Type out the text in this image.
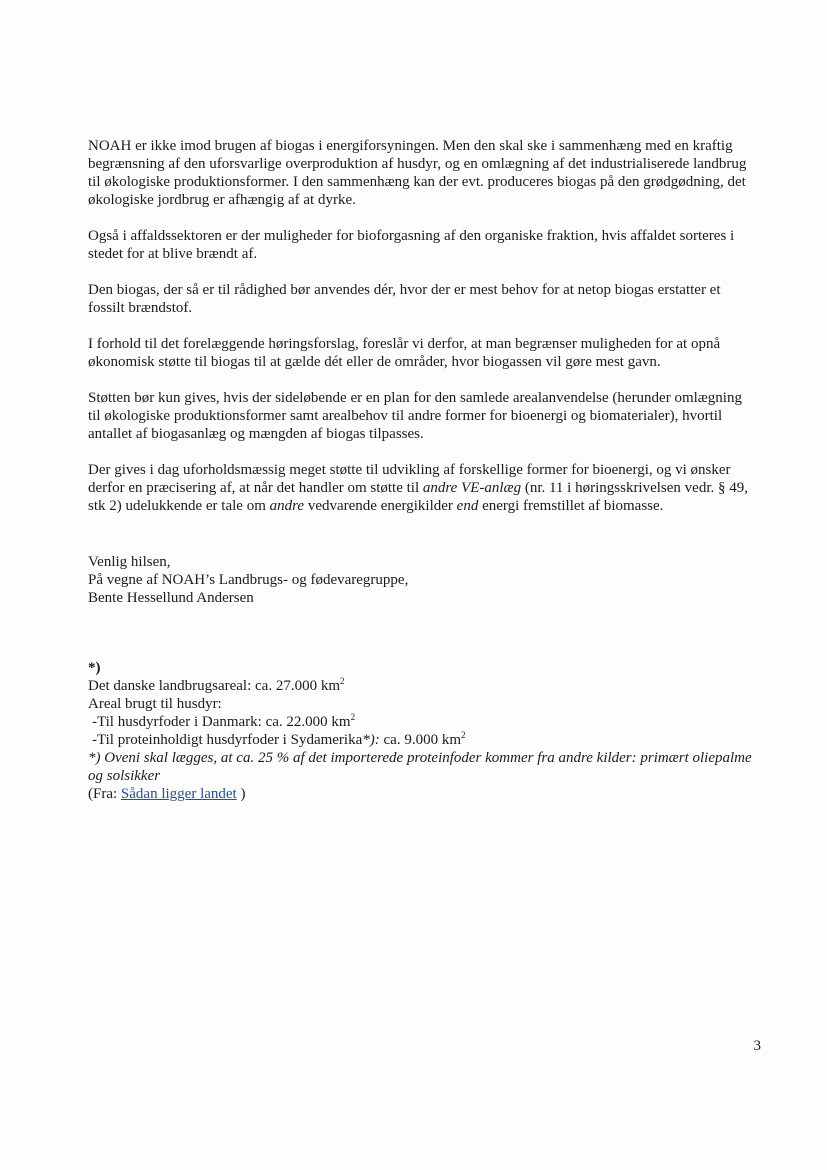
NOAH er ikke imod brugen af biogas i energiforsyningen. Men den skal ske i sammenhæng med en kraftig begrænsning af den uforsvarlige overproduktion af husdyr, og en omlægning af det industrialiserede landbrug til økologiske produktionsformer. I den sammenhæng kan der evt. produceres biogas på den grødgødning, det økologiske jordbrug er afhængig af at dyrke.

Også i affaldssektoren er der muligheder for bioforgasning af den organiske fraktion, hvis affaldet sorteres i stedet for at blive brændt af.

Den biogas, der så er til rådighed bør anvendes dér, hvor der er mest behov for at netop biogas erstatter et fossilt brændstof.

I forhold til det forelæggende høringsforslag, foreslår vi derfor, at man begrænser muligheden for at opnå økonomisk støtte til biogas til at gælde dét eller de områder, hvor biogassen vil gøre mest gavn.

Støtten bør kun gives, hvis der sideløbende er en plan for den samlede arealanvendelse (herunder omlægning til økologiske produktionsformer samt arealbehov til andre former for bioenergi og biomaterialer), hvortil antallet af biogasanlæg og mængden af biogas tilpasses.

Der gives i dag uforholdsmæssig meget støtte til udvikling af forskellige former for bioenergi, og vi ønsker derfor en præcisering af, at når det handler om støtte til andre VE-anlæg (nr. 11 i høringsskrivelsen vedr. § 49, stk 2) udelukkende er tale om andre vedvarende energikilder end energi fremstillet af biomasse.

Venlig hilsen,
På vegne af NOAH’s Landbrugs- og fødevaregruppe,
Bente Hessellund Andersen

*)

Det danske landbrugsareal: ca. 27.000 $km^2$

Areal brugt til husdyr:

-Til husdyrfoder i Danmark: ca. 22.000 $km^2$

-Til proteinholdigt husdyrfoder i Sydamerika*): ca. 9.000 $km^2$

*) Oveni skal lægges, at ca. 25 % af det importerede proteinfoder kommer fra andre kilder: primært oliepalme og solsikker

(Fra: Sådan ligger landet )

3
